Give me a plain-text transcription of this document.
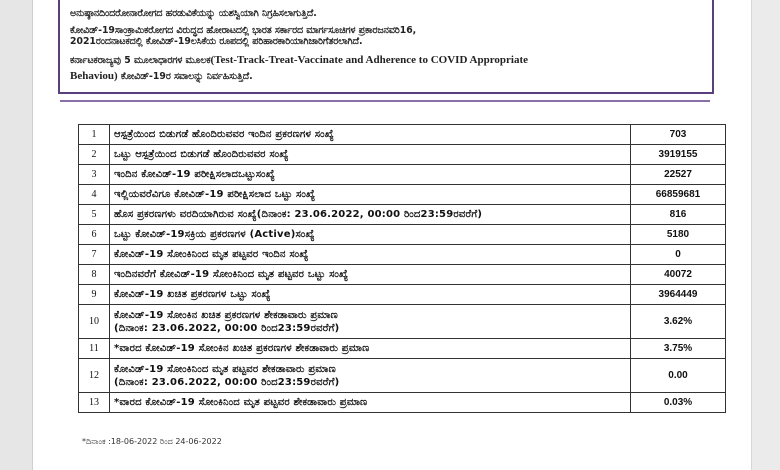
ಅನುಷ್ಠಾನದಿಂದರೋನಾರೋಗದ ಹರಡುವಿಕೆಯನ್ನು ಯಶಸ್ವಿಯಾಗಿ ನಿಗ್ರಹಿಸಲಾಗುತ್ತಿದೆ.

ಕೋವಿಡ್-19ಸಾಂಕ್ರಾಮಿಕರೋಗದ ವಿರುದ್ಧದ ಹೋರಾಟದಲ್ಲಿ ಭಾರತ ಸರ್ಕಾರದ ಮಾರ್ಗಸೂಚಿಗಳ ಪ್ರಕಾರಜನವರಿ16,

2021ರಂದನಾಟಕದಲ್ಲಿ ಕೋವಿಡ್-19ಲಸಿಕೆಯ ರೂಪದಲ್ಲಿ ಪರಿಹಾರಕಾರಿಯಾಗಿಜಾರಿಗೆತರಲಾಗಿದೆ.

ಕರ್ನಾಟಕರಾಜ್ಯವು 5 ಮೂಲಾಧಾರಗಳ ಮೂಲಕ(Test-Track-Treat-Vaccinate and Adherence to COVID Appropriate

Behaviou) ಕೋವಿಡ್-19ರ ಸವಾಲನ್ನು ನಿರ್ವಹಿಸುತ್ತಿದೆ.

1	ಆಸ್ಪತ್ರೆಯಿಂದ ಬಿಡುಗಡೆ ಹೊಂದಿರುವವರ ಇಂದಿನ ಪ್ರಕರಣಗಳ ಸಂಖ್ಯೆ	703
2	ಒಟ್ಟು ಆಸ್ಪತ್ರೆಯಿಂದ ಬಿಡುಗಡೆ ಹೊಂದಿರುವವರ ಸಂಖ್ಯೆ	3919155
3	ಇಂದಿನ ಕೋವಿಡ್-19 ಪರೀಕ್ಷಿಸಲಾದಒಟ್ಟುಸಂಖ್ಯೆ	22527
4	ಇಲ್ಲಿಯವರೆವಿಗೂ ಕೋವಿಡ್-19 ಪರೀಕ್ಷಿಸಲಾದ ಒಟ್ಟು ಸಂಖ್ಯೆ	66859681
5	ಹೊಸ ಪ್ರಕರಣಗಳು ವರದಿಯಾಗಿರುವ ಸಂಖ್ಯೆ(ದಿನಾಂಕ: 23.06.2022, 00:00 ರಿಂದ23:59ರವರೆಗೆ)	816
6	ಒಟ್ಟು ಕೋವಿಡ್-19ಸಕ್ರಿಯ ಪ್ರಕರಣಗಳ (Active)ಸಂಖ್ಯೆ	5180
7	ಕೋವಿಡ್-19 ಸೋಂಕಿನಿಂದ ಮೃತ ಪಟ್ಟವರ ಇಂದಿನ ಸಂಖ್ಯೆ	0
8	ಇಂದಿನವರೆಗೆ ಕೋವಿಡ್-19 ಸೋಂಕಿನಿಂದ ಮೃತ ಪಟ್ಟವರ ಒಟ್ಟು ಸಂಖ್ಯೆ	40072
9	ಕೋವಿಡ್-19 ಖಚಿತ ಪ್ರಕರಣಗಳ ಒಟ್ಟು ಸಂಖ್ಯೆ	3964449
10	ಕೋವಿಡ್-19 ಸೋಂಕಿನ ಖಚಿತ ಪ್ರಕರಣಗಳ ಶೇಕಡಾವಾರು ಪ್ರಮಾಣ
(ದಿನಾಂಕ: 23.06.2022, 00:00 ರಿಂದ23:59ರವರೆಗೆ)	3.62%
11	*ವಾರದ ಕೋವಿಡ್-19 ಸೋಂಕಿನ ಖಚಿತ ಪ್ರಕರಣಗಳ ಶೇಕಡಾವಾರು ಪ್ರಮಾಣ	3.75%
12	ಕೋವಿಡ್-19 ಸೋಂಕಿನಿಂದ ಮೃತ ಪಟ್ಟವರ ಶೇಕಡಾವಾರು ಪ್ರಮಾಣ
(ದಿನಾಂಕ: 23.06.2022, 00:00 ರಿಂದ23:59ರವರೆಗೆ)	0.00
13	*ವಾರದ ಕೋವಿಡ್-19 ಸೋಂಕಿನಿಂದ ಮೃತ ಪಟ್ಟವರ ಶೇಕಡಾವಾರು ಪ್ರಮಾಣ	0.03%
*ದಿನಾಂಕ :18-06-2022 ರಿಂದ 24-06-2022
